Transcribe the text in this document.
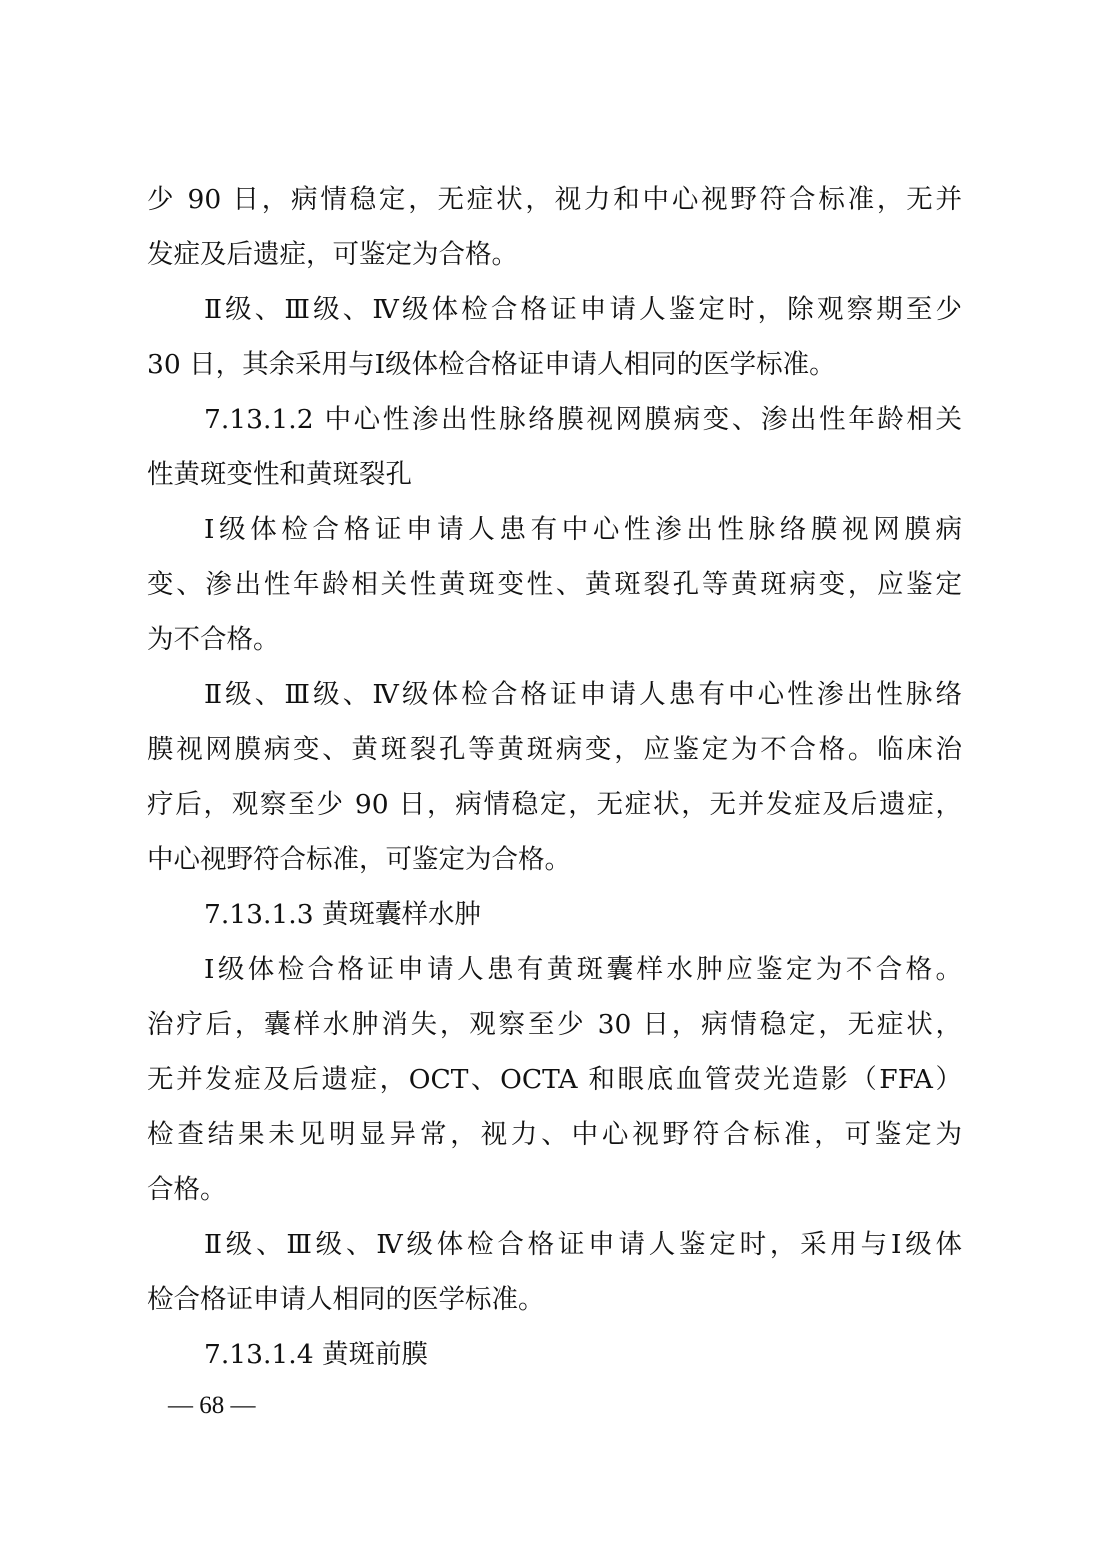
少 90 日，病情稳定，无症状，视力和中心视野符合标准，无并
发症及后遗症，可鉴定为合格。
Ⅱ级、Ⅲ级、Ⅳ级体检合格证申请人鉴定时，除观察期至少
30 日，其余采用与Ⅰ级体检合格证申请人相同的医学标准。
7.13.1.2 中心性渗出性脉络膜视网膜病变、渗出性年龄相关
性黄斑变性和黄斑裂孔
Ⅰ级体检合格证申请人患有中心性渗出性脉络膜视网膜病
变、渗出性年龄相关性黄斑变性、黄斑裂孔等黄斑病变，应鉴定
为不合格。
Ⅱ级、Ⅲ级、Ⅳ级体检合格证申请人患有中心性渗出性脉络
膜视网膜病变、黄斑裂孔等黄斑病变，应鉴定为不合格。临床治
疗后，观察至少 90 日，病情稳定，无症状，无并发症及后遗症，
中心视野符合标准，可鉴定为合格。
7.13.1.3 黄斑囊样水肿
Ⅰ级体检合格证申请人患有黄斑囊样水肿应鉴定为不合格。
治疗后，囊样水肿消失，观察至少 30 日，病情稳定，无症状，
无并发症及后遗症，OCT、OCTA 和眼底血管荧光造影（FFA）
检查结果未见明显异常，视力、中心视野符合标准，可鉴定为
合格。
Ⅱ级、Ⅲ级、Ⅳ级体检合格证申请人鉴定时，采用与Ⅰ级体
检合格证申请人相同的医学标准。
7.13.1.4 黄斑前膜
— 68 —
